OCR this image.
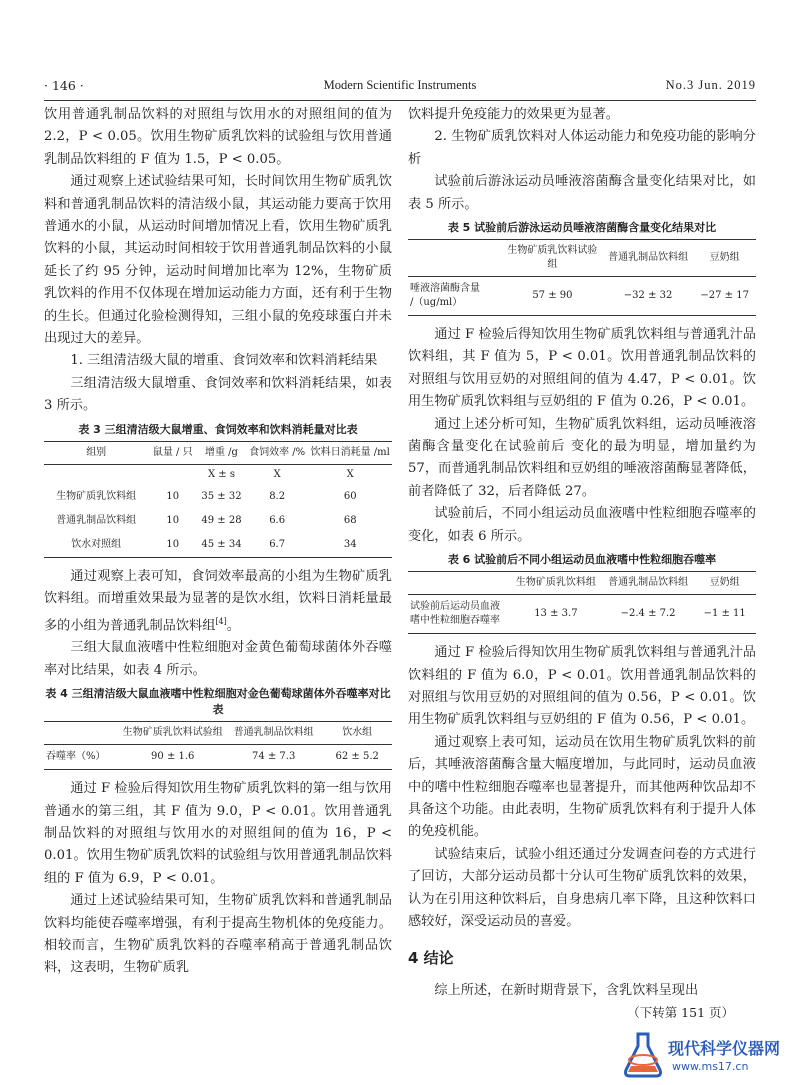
· 146 ·	Modern Scientific Instruments	No.3 Jun. 2019

饮用普通乳制品饮料的对照组与饮用水的对照组间的值为 2.2，P < 0.05。饮用生物矿质乳饮料的试验组与饮用普通乳制品饮料组的 F 值为 1.5，P < 0.05。

通过观察上述试验结果可知，长时间饮用生物矿质乳饮料和普通乳制品饮料的清洁级小鼠，其运动能力要高于饮用普通水的小鼠，从运动时间增加情况上看，饮用生物矿质乳饮料的小鼠，其运动时间相较于饮用普通乳制品饮料的小鼠延长了约 95 分钟，运动时间增加比率为 12%，生物矿质乳饮料的作用不仅体现在增加运动能力方面，还有利于生物的生长。但通过化验检测得知，三组小鼠的免疫球蛋白并未出现过大的差异。

1. 三组清洁级大鼠的增重、食饲效率和饮料消耗结果

三组清洁级大鼠增重、食饲效率和饮料消耗结果，如表 3 所示。

表 3 三组清洁级大鼠增重、食饲效率和饮料消耗量对比表
组别	鼠量 / 只	增重 /g	食饲效率 /%	饮料日消耗量 /ml
		X ± s	X	X
生物矿质乳饮料组	10	35 ± 32	8.2	60
普通乳制品饮料组	10	49 ± 28	6.6	68
饮水对照组	10	45 ± 34	6.7	34

通过观察上表可知，食饲效率最高的小组为生物矿质乳饮料组。而增重效果最为显著的是饮水组，饮料日消耗量最多的小组为普通乳制品饮料组[4]。

三组大鼠血液嗜中性粒细胞对金黄色葡萄球菌体外吞噬率对比结果，如表 4 所示。

表 4 三组清洁级大鼠血液嗜中性粒细胞对金色葡萄球菌体外吞噬率对比表
	生物矿质乳饮料试验组	普通乳制品饮料组	饮水组
吞噬率（%）	90 ± 1.6	74 ± 7.3	62 ± 5.2

通过 F 检验后得知饮用生物矿质乳饮料的第一组与饮用普通水的第三组，其 F 值为 9.0，P < 0.01。饮用普通乳制品饮料的对照组与饮用水的对照组间的值为 16，P < 0.01。饮用生物矿质乳饮料的试验组与饮用普通乳制品饮料组的 F 值为 6.9，P < 0.01。

通过上述试验结果可知，生物矿质乳饮料和普通乳制品饮料均能使吞噬率增强，有利于提高生物机体的免疫能力。相较而言，生物矿质乳饮料的吞噬率稍高于普通乳制品饮料，这表明，生物矿质乳

饮料提升免疫能力的效果更为显著。

2. 生物矿质乳饮料对人体运动能力和免疫功能的影响分析

试验前后游泳运动员唾液溶菌酶含量变化结果对比，如表 5 所示。

表 5 试验前后游泳运动员唾液溶菌酶含量变化结果对比
	生物矿质乳饮料试验组	普通乳制品饮料组	豆奶组
唾液溶菌酶含量
/（ug/ml）	57 ± 90	−32 ± 32	−27 ± 17

通过 F 检验后得知饮用生物矿质乳饮料组与普通乳汁品饮料组，其 F 值为 5，P < 0.01。饮用普通乳制品饮料的对照组与饮用豆奶的对照组间的值为 4.47，P < 0.01。饮用生物矿质乳饮料组与豆奶组的 F 值为 0.26，P < 0.01。

通过上述分析可知，生物矿质乳饮料组，运动员唾液溶菌酶含量变化在试验前后 变化的最为明显，增加量约为 57，而普通乳制品饮料组和豆奶组的唾液溶菌酶显著降低，前者降低了 32，后者降低 27。

试验前后，不同小组运动员血液嗜中性粒细胞吞噬率的变化，如表 6 所示。

表 6 试验前后不同小组运动员血液嗜中性粒细胞吞噬率
	生物矿质乳饮料组	普通乳制品饮料组	豆奶组
试验前后运动员血液
嗜中性粒细胞吞噬率	13 ± 3.7	−2.4 ± 7.2	−1 ± 11

通过 F 检验后得知饮用生物矿质乳饮料组与普通乳汁品饮料组的 F 值为 6.0，P < 0.01。饮用普通乳制品饮料的对照组与饮用豆奶的对照组间的值为 0.56，P < 0.01。饮用生物矿质乳饮料组与豆奶组的 F 值为 0.56，P < 0.01。

通过观察上表可知，运动员在饮用生物矿质乳饮料的前后，其唾液溶菌酶含量大幅度增加，与此同时，运动员血液中的嗜中性粒细胞吞噬率也显著提升，而其他两种饮品却不具备这个功能。由此表明，生物矿质乳饮料有利于提升人体的免疫机能。

试验结束后，试验小组还通过分发调查问卷的方式进行了回访，大部分运动员都十分认可生物矿质乳饮料的效果，认为在引用这种饮料后，自身患病几率下降，且这种饮料口感较好，深受运动员的喜爱。

4 结论

综上所述，在新时期背景下，含乳饮料呈现出

（下转第 151 页）
现代科学仪器网
www.ms17.cn
